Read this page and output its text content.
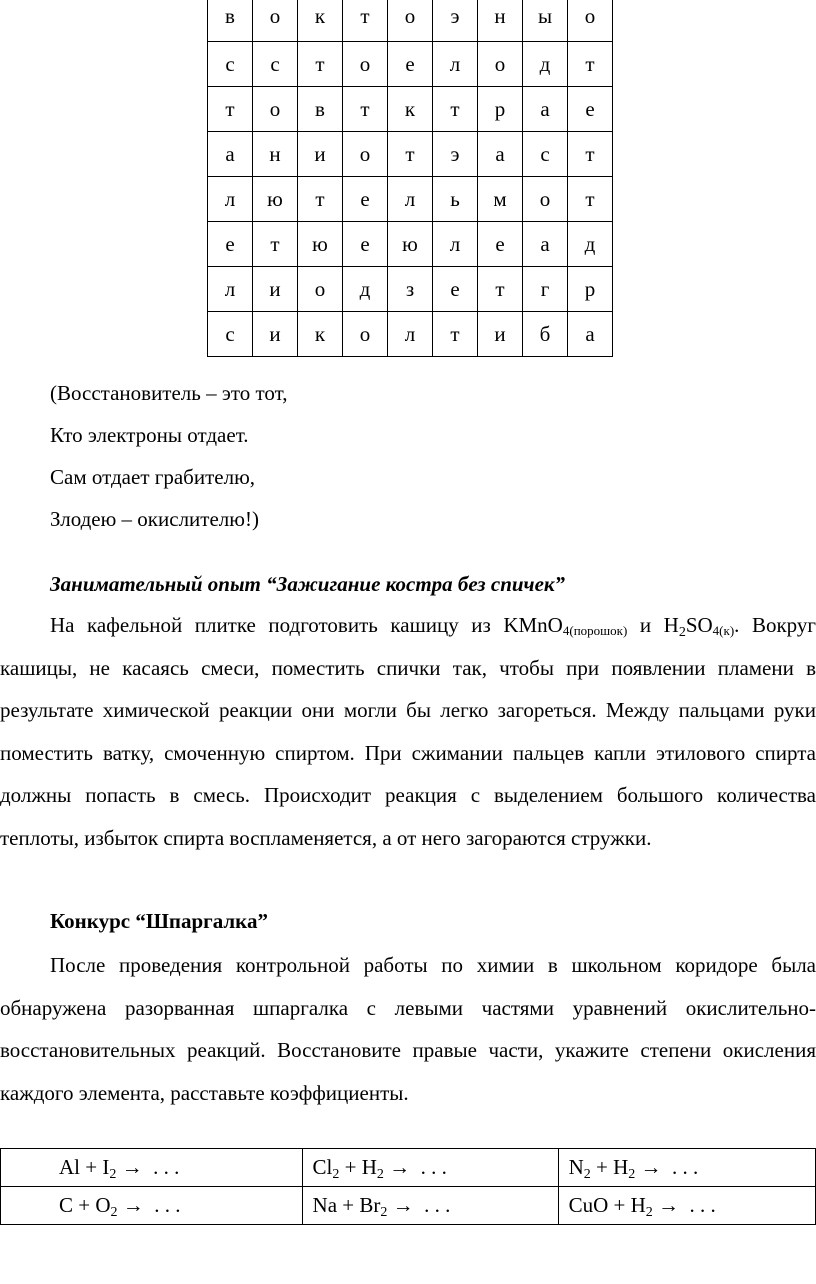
в	о	к	т	о	э	н	ы	о
с	с	т	о	е	л	о	д	т
т	о	в	т	к	т	р	а	е
а	н	и	о	т	э	а	с	т
л	ю	т	е	л	ь	м	о	т
е	т	ю	е	ю	л	е	а	д
л	и	о	д	з	е	т	г	р
с	и	к	о	л	т	и	б	а
(Восстановитель – это тот,
Кто электроны отдает.
Сам отдает грабителю,
Злодею – окислителю!)
Занимательный опыт “Зажигание костра без спичек”

На кафельной плитке подготовить кашицу из KMnO$_{4(порошок)}$ и $H_2SO_{4(к)}$. Вокруг кашицы, не касаясь смеси, поместить спички так, чтобы при появлении пламени в результате химической реакции они могли бы легко загореться. Между пальцами руки поместить ватку, смоченную спиртом. При сжимании пальцев капли этилового спирта должны попасть в смесь. Происходит реакция с выделением большого количества теплоты, избыток спирта воспламеняется, а от него загораются стружки.

Конкурс “Шпаргалка”

После проведения контрольной работы по химии в школьном коридоре была обнаружена разорванная шпаргалка с левыми частями уравнений окислительно-восстановительных реакций. Восстановите правые части, укажите степени окисления каждого элемента, расставьте коэффициенты.

$Al + I_2$ → . . .	$Cl_2 + H_2$ → . . .	$N_2 + H_2$ → . . .
$C + O_2$ → . . .	$Na + Br_2$ → . . .	CuO + $H_2$ → . . .
